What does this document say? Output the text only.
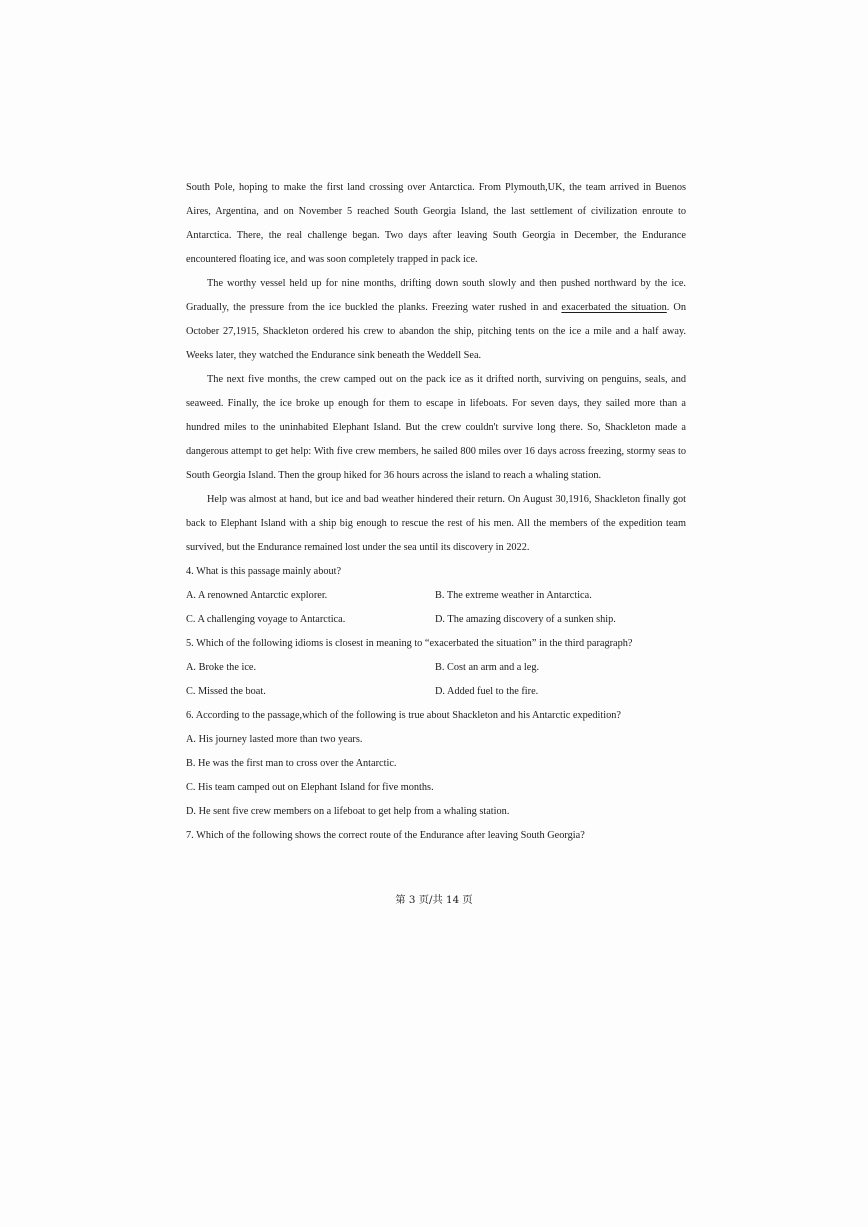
South Pole, hoping to make the first land crossing over Antarctica. From Plymouth,UK, the team arrived in Buenos Aires, Argentina, and on November 5 reached South Georgia Island, the last settlement of civilization enroute to Antarctica. There, the real challenge began. Two days after leaving South Georgia in December, the Endurance encountered floating ice, and was soon completely trapped in pack ice.

The worthy vessel held up for nine months, drifting down south slowly and then pushed northward by the ice. Gradually, the pressure from the ice buckled the planks. Freezing water rushed in and exacerbated the situation. On October 27,1915, Shackleton ordered his crew to abandon the ship, pitching tents on the ice a mile and a half away. Weeks later, they watched the Endurance sink beneath the Weddell Sea.

The next five months, the crew camped out on the pack ice as it drifted north, surviving on penguins, seals, and seaweed. Finally, the ice broke up enough for them to escape in lifeboats. For seven days, they sailed more than a hundred miles to the uninhabited Elephant Island. But the crew couldn't survive long there. So, Shackleton made a dangerous attempt to get help: With five crew members, he sailed 800 miles over 16 days across freezing, stormy seas to South Georgia Island. Then the group hiked for 36 hours across the island to reach a whaling station.

Help was almost at hand, but ice and bad weather hindered their return. On August 30,1916, Shackleton finally got back to Elephant Island with a ship big enough to rescue the rest of his men. All the members of the expedition team survived, but the Endurance remained lost under the sea until its discovery in 2022.

4. What is this passage mainly about?

A. A renowned Antarctic explorer.	B. The extreme weather in Antarctica.
C. A challenging voyage to Antarctica.	D. The amazing discovery of a sunken ship.

5. Which of the following idioms is closest in meaning to “exacerbated the situation” in the third paragraph?

A. Broke the ice.	B. Cost an arm and a leg.
C. Missed the boat.	D. Added fuel to the fire.

6. According to the passage,which of the following is true about Shackleton and his Antarctic expedition?

A. His journey lasted more than two years.
B. He was the first man to cross over the Antarctic.
C. His team camped out on Elephant Island for five months.
D. He sent five crew members on a lifeboat to get help from a whaling station.

7. Which of the following shows the correct route of the Endurance after leaving South Georgia?

第 3 页/共 14 页
